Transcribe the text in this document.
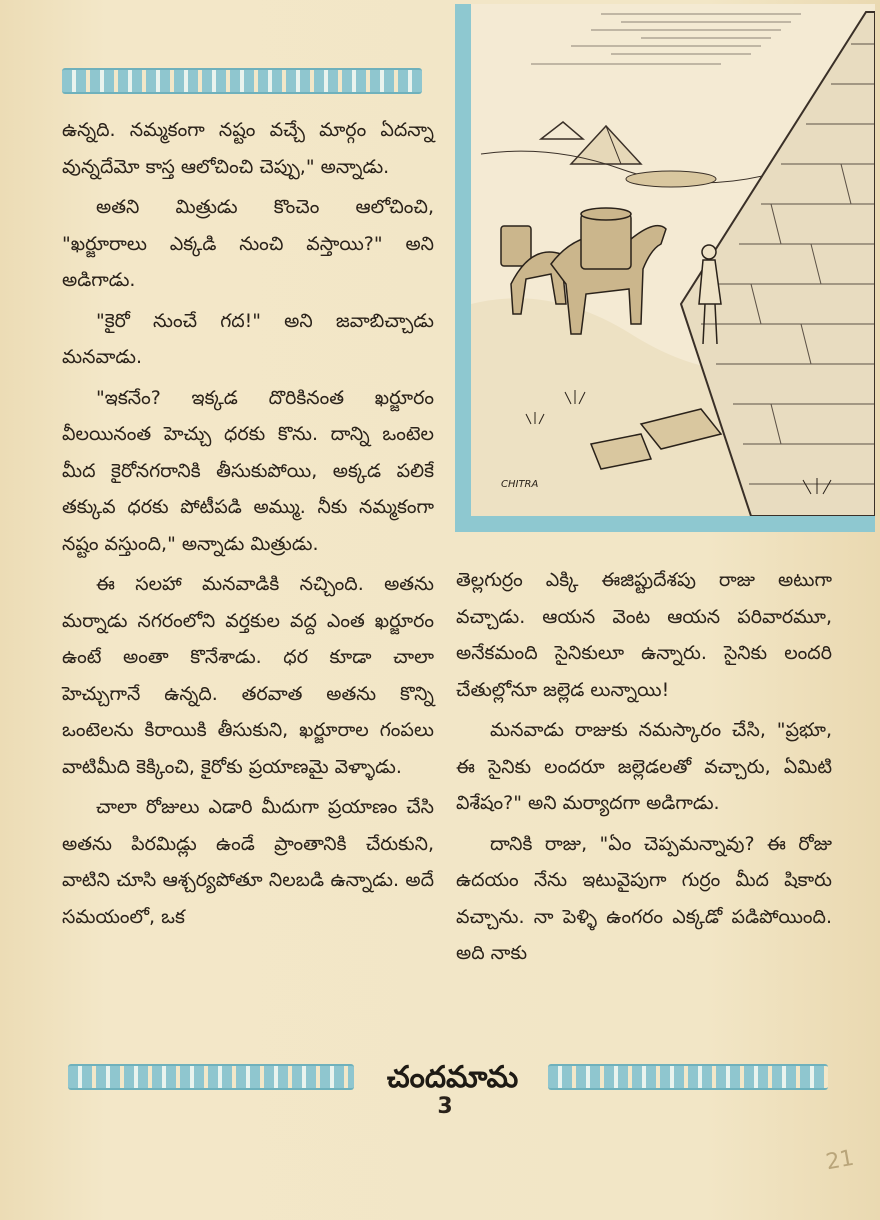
ఉన్నది. నమ్మకంగా నష్టం వచ్చే మార్గం ఏదన్నా వున్నదేమో కాస్త ఆలోచించి చెప్పు," అన్నాడు.

అతని మిత్రుడు కొంచెం ఆలోచించి, "ఖర్జూరాలు ఎక్కడి నుంచి వస్తాయి?" అని అడిగాడు.

"కైరో నుంచే గద!" అని జవాబిచ్చాడు మనవాడు.

"ఇకనేం? ఇక్కడ దొరికినంత ఖర్జూరం వీలయినంత హెచ్చు ధరకు కొను. దాన్ని ఒంటెల మీద కైరోనగరానికి తీసుకుపోయి, అక్కడ పలికే తక్కువ ధరకు పోటీపడి అమ్ము. నీకు నమ్మకంగా నష్టం వస్తుంది," అన్నాడు మిత్రుడు.

ఈ సలహా మనవాడికి నచ్చింది. అతను మర్నాడు నగరంలోని వర్తకుల వద్ద ఎంత ఖర్జూరం ఉంటే అంతా కొనేశాడు. ధర కూడా చాలా హెచ్చుగానే ఉన్నది. తరవాత అతను కొన్ని ఒంటెలను కిరాయికి తీసుకుని, ఖర్జూరాల గంపలు వాటిమీది కెక్కించి, కైరోకు ప్రయాణమై వెళ్ళాడు.

చాలా రోజులు ఎడారి మీదుగా ప్రయాణం చేసి అతను పిరమిడ్లు ఉండే ప్రాంతానికి చేరుకుని, వాటిని చూసి ఆశ్చర్యపోతూ నిలబడి ఉన్నాడు. అదే సమయంలో, ఒక

CHITRA

తెల్లగుర్రం ఎక్కి ఈజిప్టుదేశపు రాజు అటుగా వచ్చాడు. ఆయన వెంట ఆయన పరివారమూ, అనేకమంది సైనికులూ ఉన్నారు. సైనికు లందరి చేతుల్లోనూ జల్లెడ లున్నాయి!

మనవాడు రాజుకు నమస్కారం చేసి, "ప్రభూ, ఈ సైనికు లందరూ జల్లెడలతో వచ్చారు, ఏమిటి విశేషం?" అని మర్యాదగా అడిగాడు.

దానికి రాజు, "ఏం చెప్పమన్నావు? ఈ రోజు ఉదయం నేను ఇటువైపుగా గుర్రం మీద షికారు వచ్చాను. నా పెళ్ళి ఉంగరం ఎక్కడో పడిపోయింది. అది నాకు

చందమామ
3
21
